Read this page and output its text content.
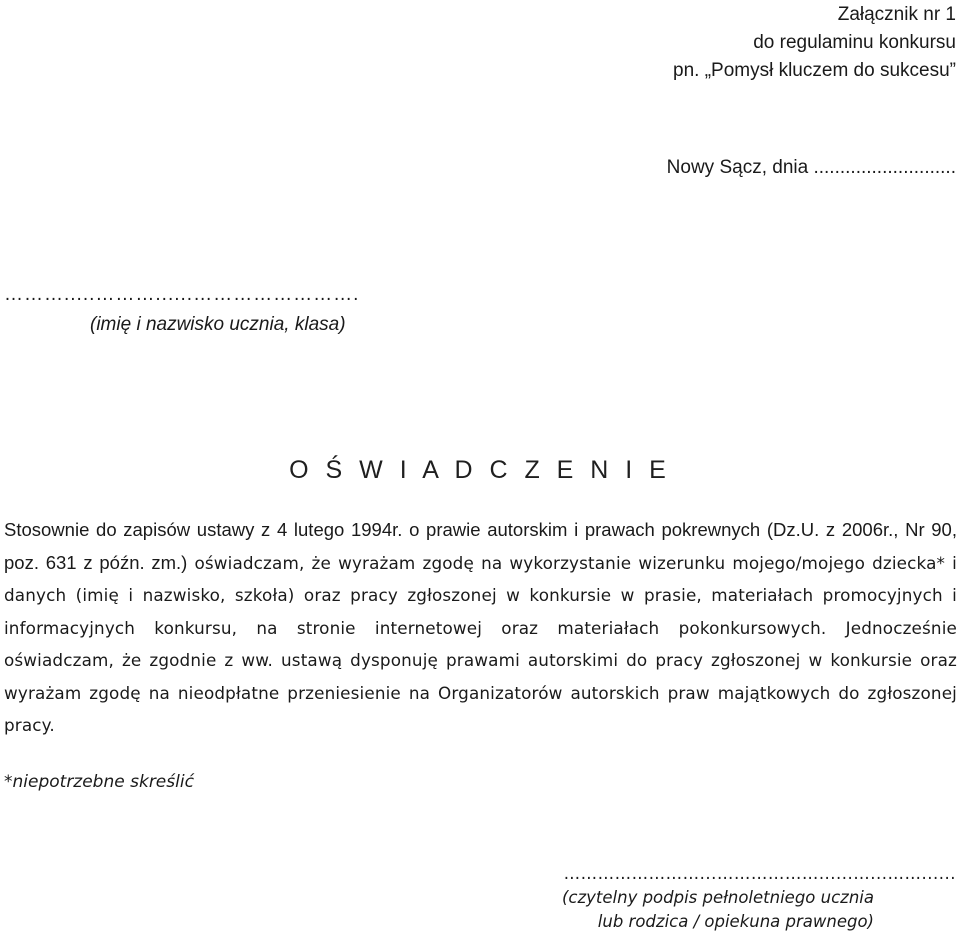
Załącznik nr 1
do regulaminu konkursu
pn. „Pomysł kluczem do sukcesu”
Nowy Sącz, dnia ...........................
……….....………......…………………….
(imię i nazwisko ucznia, klasa)
O Ś W I A D C Z E N I E
Stosownie do zapisów ustawy z 4 lutego 1994r. o prawie autorskim i prawach pokrewnych (Dz.U. z 2006r., Nr 90, poz. 631 z późn. zm.) oświadczam, że wyrażam zgodę na wykorzystanie wizerunku mojego/mojego dziecka* i danych (imię i nazwisko, szkoła) oraz pracy zgłoszonej w konkursie w prasie, materiałach promocyjnych i informacyjnych konkursu, na stronie internetowej oraz materiałach pokonkursowych. Jednocześnie oświadczam, że zgodnie z ww. ustawą dysponuję prawami autorskimi do pracy zgłoszonej w konkursie oraz wyrażam zgodę na nieodpłatne przeniesienie na Organizatorów autorskich praw majątkowych do zgłoszonej pracy.
*niepotrzebne skreślić
……………………...………………......…...……......
(czytelny podpis pełnoletniego ucznia
lub rodzica / opiekuna prawnego)
